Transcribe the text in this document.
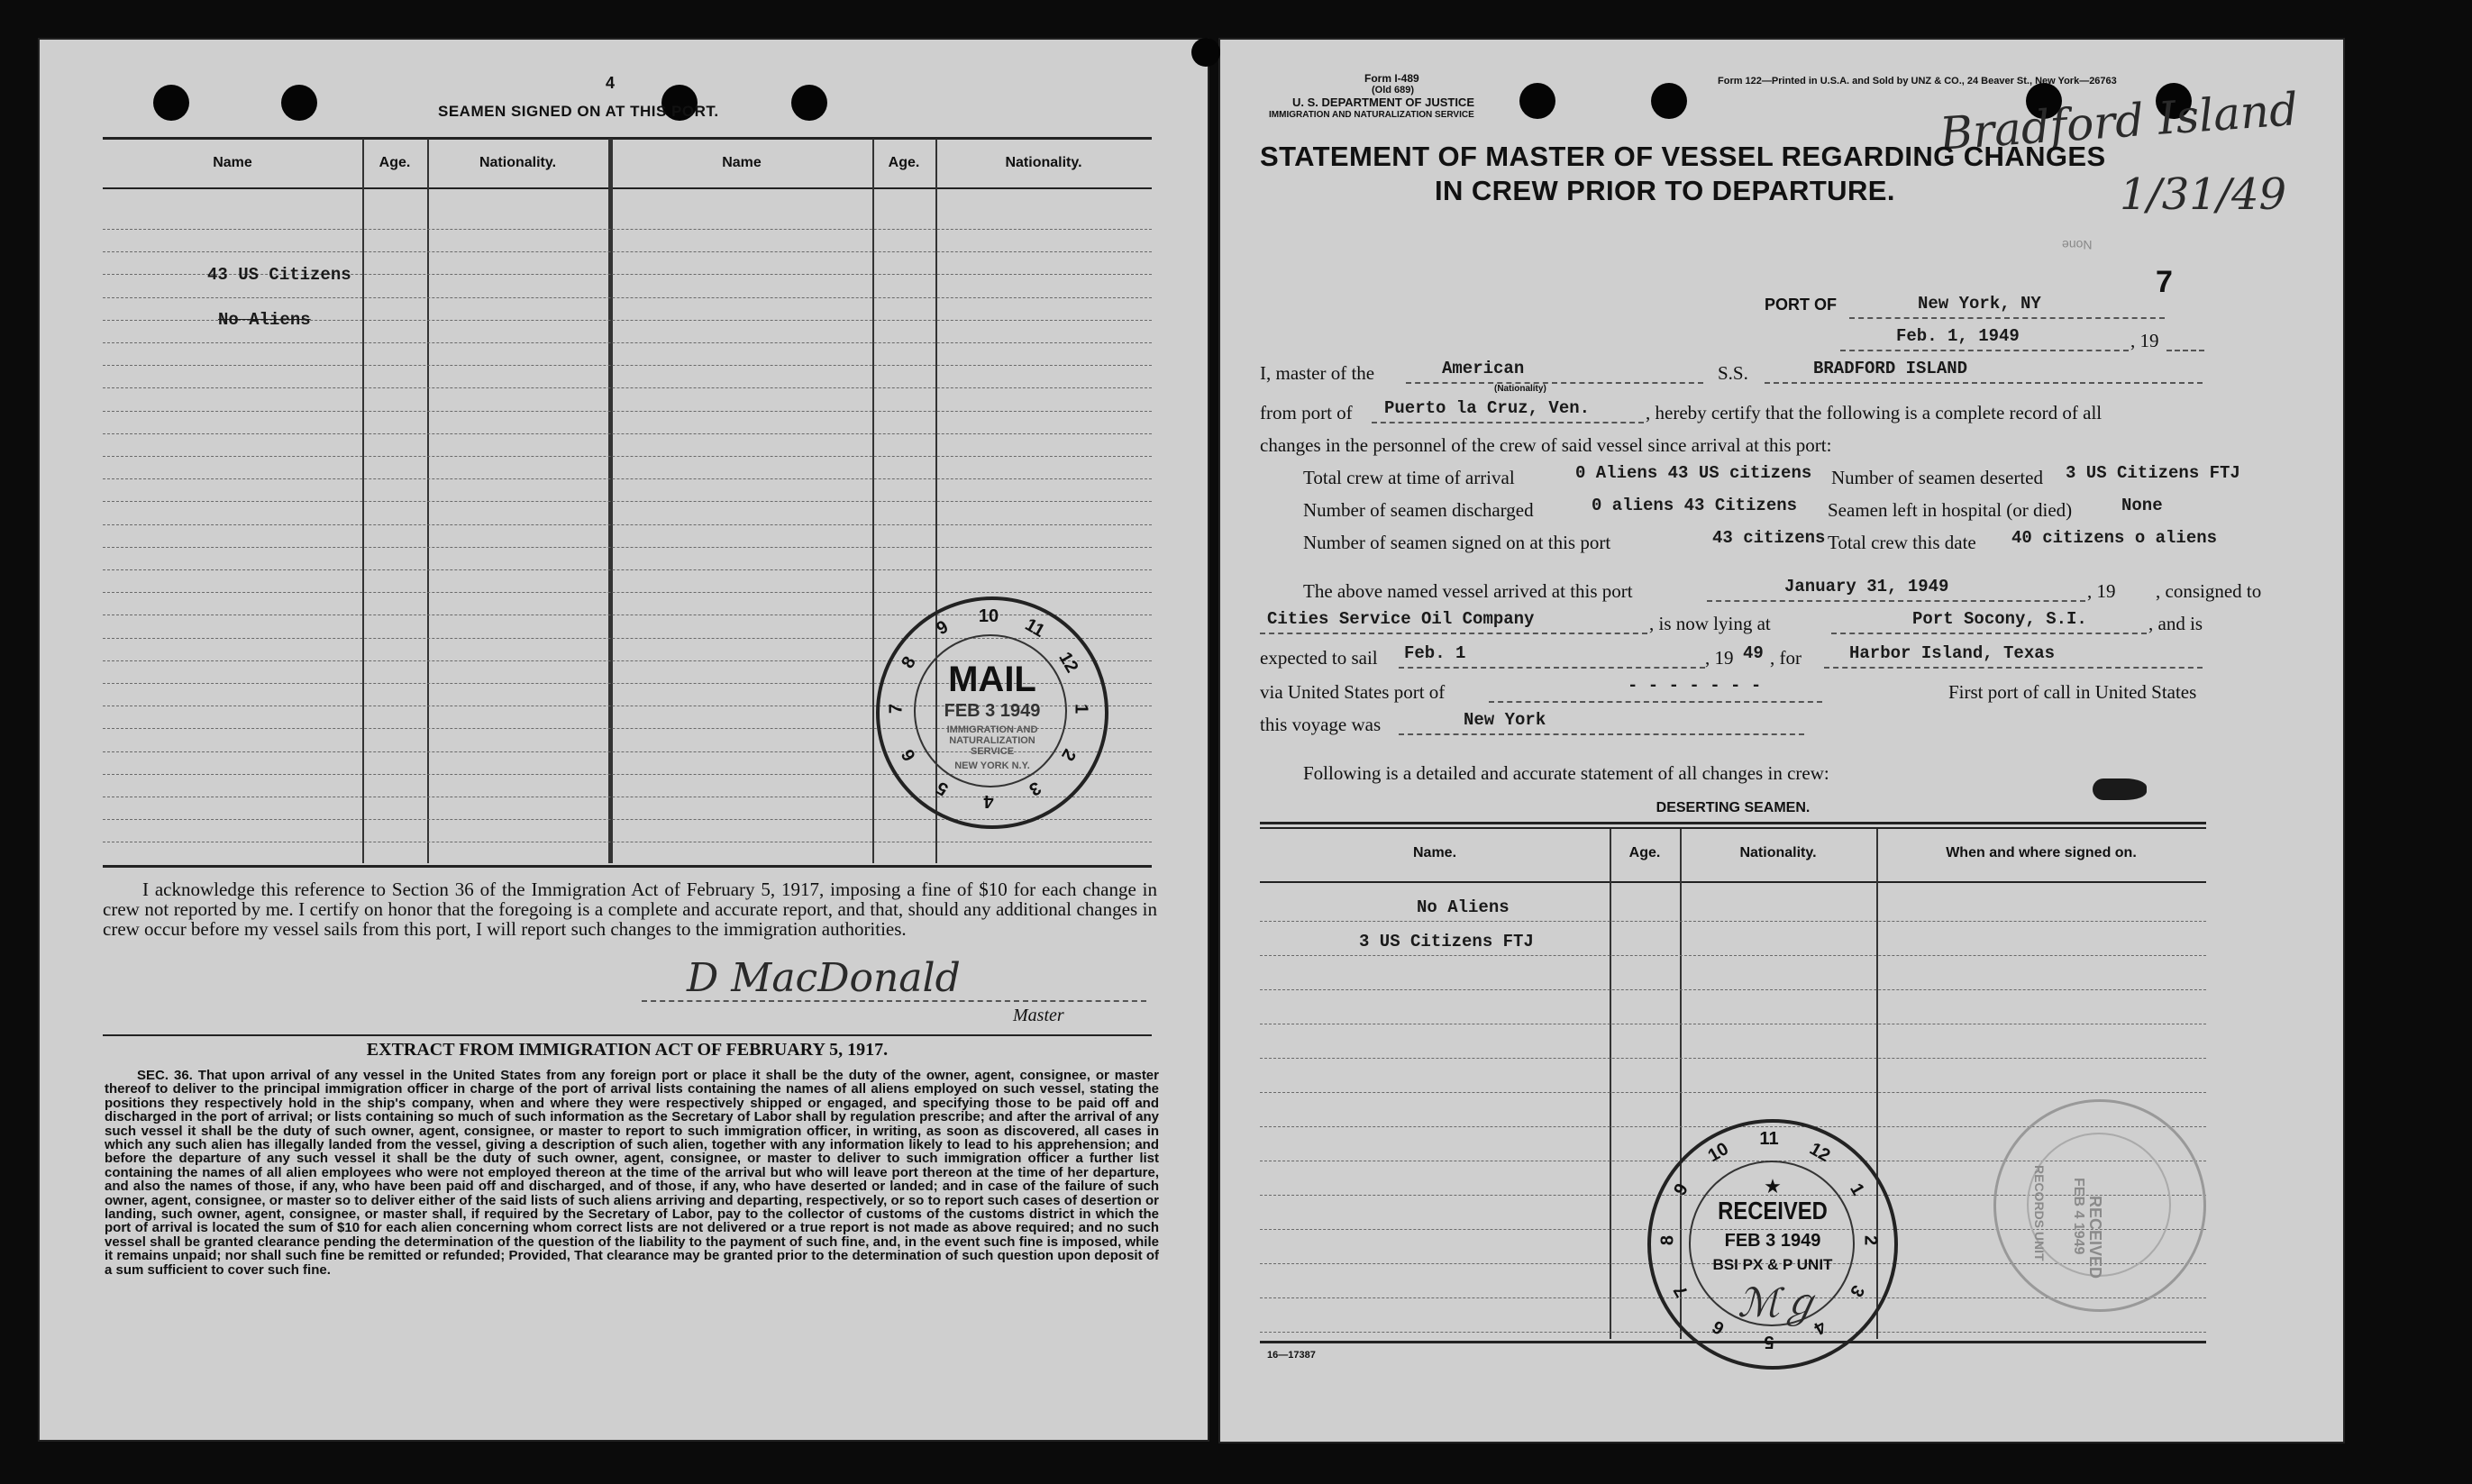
4
SEAMEN SIGNED ON AT THIS PORT.
Name	Age.	Nationality.	Name	Age.	Nationality.
43 US Citizens
No Aliens
I acknowledge this reference to Section 36 of the Immigration Act of February 5, 1917, imposing a fine of $10 for each change in crew not reported by me. I certify on honor that the foregoing is a complete and accurate report, and that, should any additional changes in crew occur before my vessel sails from this port, I will report such changes to the immigration authorities.
D MacDonald
Master
EXTRACT FROM IMMIGRATION ACT OF FEBRUARY 5, 1917.
SEC. 36. That upon arrival of any vessel in the United States from any foreign port or place it shall be the duty of the owner, agent, consignee, or master thereof to deliver to the principal immigration officer in charge of the port of arrival lists containing the names of all aliens employed on such vessel, stating the positions they respectively hold in the ship's company, when and where they were respectively shipped or engaged, and specifying those to be paid off and discharged in the port of arrival; or lists containing so much of such information as the Secretary of Labor shall by regulation prescribe; and after the arrival of any such vessel it shall be the duty of such owner, agent, consignee, or master to report to such immigration officer, in writing, as soon as discovered, all cases in which any such alien has illegally landed from the vessel, giving a description of such alien, together with any information likely to lead to his apprehension; and before the departure of any such vessel it shall be the duty of such owner, agent, consignee, or master to deliver to such immigration officer a further list containing the names of all alien employees who were not employed thereon at the time of the arrival but who will leave port thereon at the time of her departure, and also the names of those, if any, who have been paid off and discharged, and of those, if any, who have deserted or landed; and in case of the failure of such owner, agent, consignee, or master so to deliver either of the said lists of such aliens arriving and departing, respectively, or so to report such cases of desertion or landing, such owner, agent, consignee, or master shall, if required by the Secretary of Labor, pay to the collector of customs of the customs district in which the port of arrival is located the sum of $10 for each alien concerning whom correct lists are not delivered or a true report is not made as above required; and no such vessel shall be granted clearance pending the determination of the question of the liability to the payment of such fine, and, in the event such fine is imposed, while it remains unpaid; nor shall such fine be remitted or refunded; Provided, That clearance may be granted prior to the determination of such question upon deposit of a sum sufficient to cover such fine.
10 11
12
1
2
3
4
5
6
7
8
9
MAIL
FEB 3 1949
IMMIGRATION AND NATURALIZATION SERVICE
NEW YORK N.Y.
Form I-489
(Old 689)
U. S. DEPARTMENT OF JUSTICE
IMMIGRATION AND NATURALIZATION SERVICE
Form 122—Printed in U.S.A. and Sold by UNZ & CO., 24 Beaver St., New York—26763
Bradford Island
1/31/49
STATEMENT OF MASTER OF VESSEL REGARDING CHANGES
IN CREW PRIOR TO DEPARTURE.
None
7
PORT OF	New York, NY
Feb. 1, 1949	, 19
I, master of the	American
(Nationality)
S.S.	BRADFORD ISLAND
from port of Puerto la Cruz, Ven.	, hereby certify that the following is a complete record of all
changes in the personnel of the crew of said vessel since arrival at this port:
Total crew at time of arrival	0 Aliens 43 US citizens Number of seamen deserted 3 US Citizens FTJ
Number of seamen discharged	0 aliens 43 Citizens Seamen left in hospital (or died)	None
Number of seamen signed on at this port	43 citizens Total crew this date 40 citizens o aliens
The above named vessel arrived at this port	January 31, 1949	, 19 , consigned to
Cities Service Oil Company	, is now lying at	Port Socony, S.I.	, and is
expected to sail Feb. 1	, 19 49 , for	Harbor Island, Texas
via United States port of	- - - - - - -	First port of call in United States
this voyage was	New York
Following is a detailed and accurate statement of all changes in crew:
DESERTING SEAMEN.
Name.	Age.	Nationality.	When and where signed on.
No Aliens
3 US Citizens FTJ
16—17387
11 12
1
2
3
4
5
6
7
8
9
10
★
RECEIVED
FEB 3 1949
BSI PX & P UNIT
ℳℊ
RECEIVED
FEB 4 1949
RECORDS UNIT
